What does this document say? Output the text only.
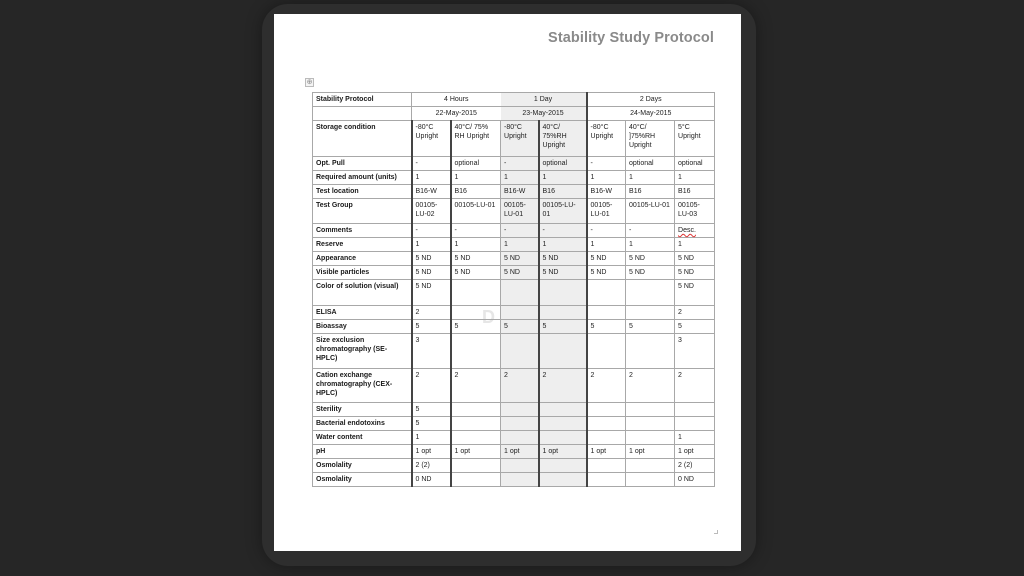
Stability Study Protocol
⊕
D
Stability Protocol	4 Hours		1 Day		2 Days		
	22-May-2015		23-May-2015		24-May-2015		
Storage condition	-80°C Upright	40°C/ 75% RH Upright	-80°C Upright	40°C/ 75%RH Upright	-80°C Upright	40°C/ ]75%RH Upright	5°C Upright
Opt. Pull	-	optional	-	optional	-	optional	optional
Required amount (units)	1	1	1	1	1	1	1
Test location	B16-W	B16	B16-W	B16	B16-W	B16	B16
Test Group	00105-LU-02	00105-LU-01	00105-LU-01	00105-LU-01	00105-LU-01	00105-LU-01	00105-LU-03
Comments	-	-	-	-	-	-	Desc.
Reserve	1	1	1	1	1	1	1
Appearance	5 ND	5 ND	5 ND	5 ND	5 ND	5 ND	5 ND
Visible particles	5 ND	5 ND	5 ND	5 ND	5 ND	5 ND	5 ND
Color of solution (visual)	5 ND						5 ND
ELISA	2						2
Bioassay	5	5	5	5	5	5	5
Size exclusion chromatography (SE-HPLC)	3						3
Cation exchange chromatography (CEX-HPLC)	2	2	2	2	2	2	2
Sterility	5						
Bacterial endotoxins	5						
Water content	1						1
pH	1 opt	1 opt	1 opt	1 opt	1 opt	1 opt	1 opt
Osmolality	2 (2)						2 (2)
Osmolality	0 ND						0 ND
